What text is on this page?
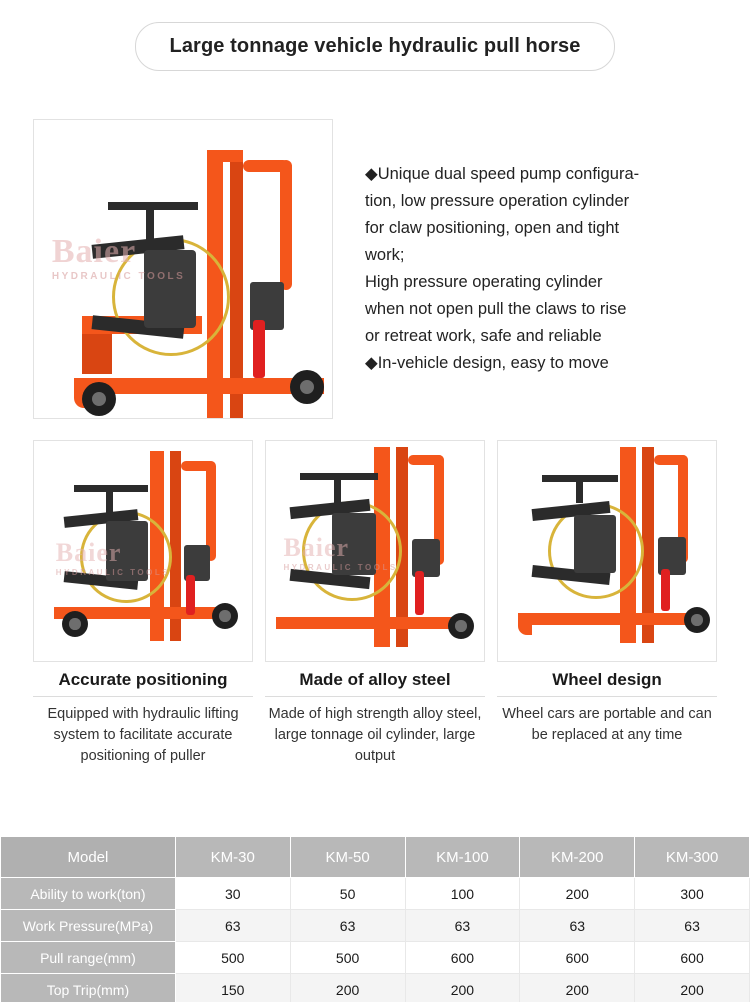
Large tonnage vehicle hydraulic pull horse
Baier
HYDRAULIC TOOLS

◆Unique dual speed pump configura-

tion, low pressure operation cylinder

for claw positioning, open and tight

work;

High pressure operating cylinder

when not open pull the claws to rise

or retreat work, safe and reliable

◆In-vehicle design, easy to move

Baier
HYDRAULIC TOOLS
Accurate positioning
Equipped with hydraulic lifting system to facilitate accurate positioning of puller
Baier
HYDRAULIC TOOLS
Made of alloy steel
Made of high strength alloy steel, large tonnage oil cylinder, large output
Wheel design
Wheel cars are portable and can be replaced at any time
Model	KM-30	KM-50	KM-100	KM-200	KM-300
Ability to work(ton)	30	50	100	200	300
Work Pressure(MPa)	63	63	63	63	63
Pull range(mm)	500	500	600	600	600
Top Trip(mm)	150	200	200	200	200
